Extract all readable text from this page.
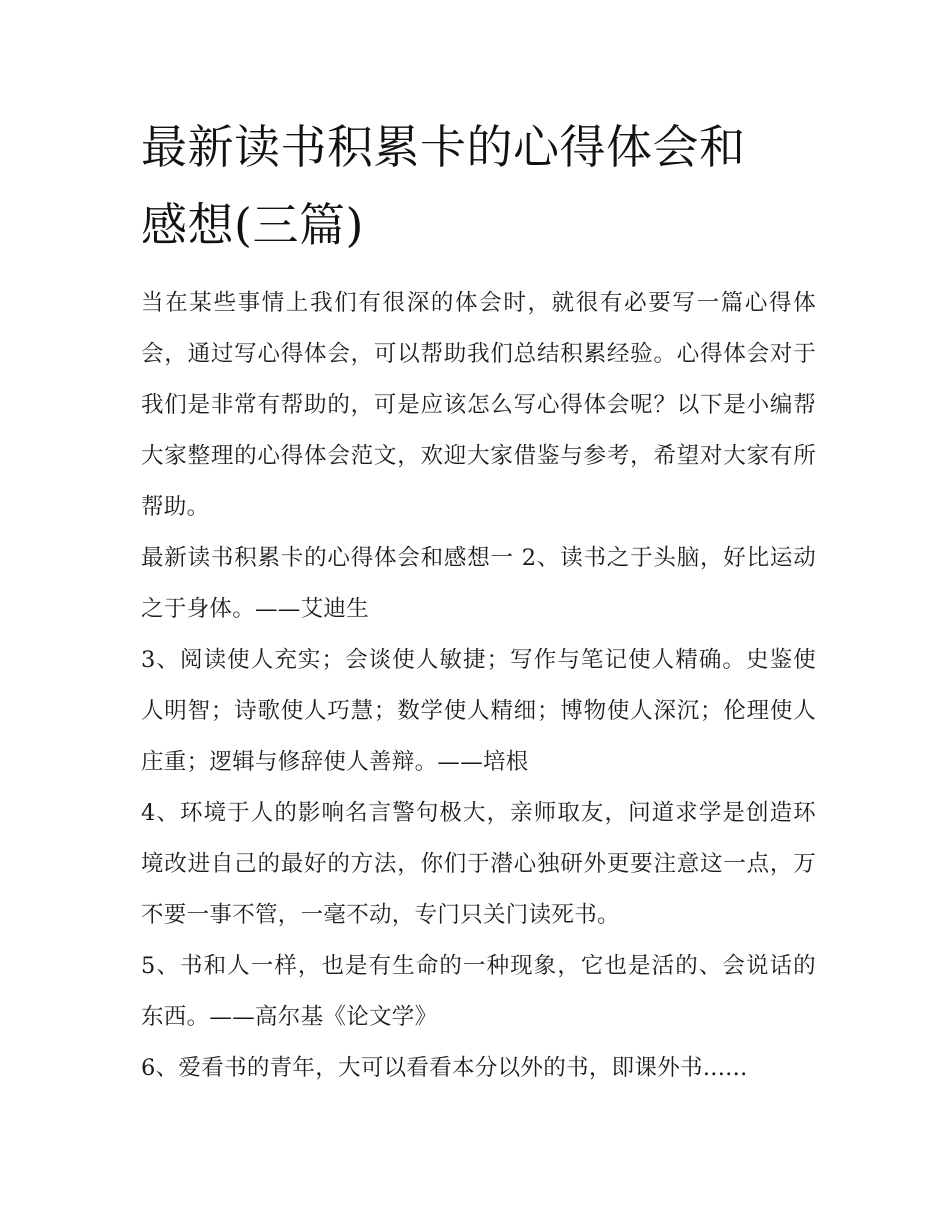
最新读书积累卡的心得体会和
感想(三篇)

当在某些事情上我们有很深的体会时，就很有必要写一篇心得体会，通过写心得体会，可以帮助我们总结积累经验。心得体会对于我们是非常有帮助的，可是应该怎么写心得体会呢？以下是小编帮大家整理的心得体会范文，欢迎大家借鉴与参考，希望对大家有所帮助。

最新读书积累卡的心得体会和感想一 2、读书之于头脑，好比运动之于身体。——艾迪生

3、阅读使人充实；会谈使人敏捷；写作与笔记使人精确。史鉴使人明智；诗歌使人巧慧；数学使人精细；博物使人深沉；伦理使人庄重；逻辑与修辞使人善辩。——培根

4、环境于人的影响名言警句极大，亲师取友，问道求学是创造环境改进自己的最好的方法，你们于潜心独研外更要注意这一点，万不要一事不管，一毫不动，专门只关门读死书。

5、书和人一样，也是有生命的一种现象，它也是活的、会说话的东西。——高尔基《论文学》

6、爱看书的青年，大可以看看本分以外的书，即课外书......
